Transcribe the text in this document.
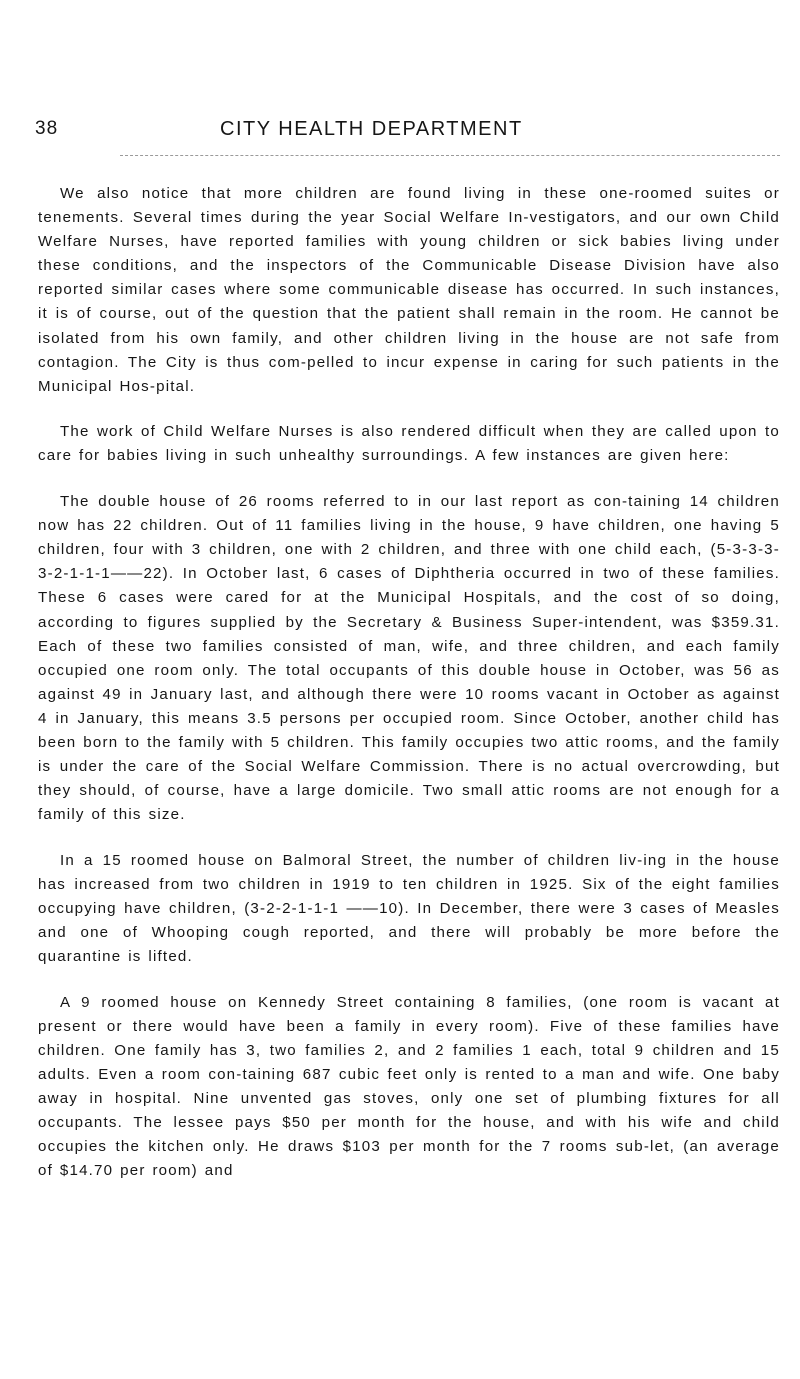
38	CITY HEALTH DEPARTMENT

We also notice that more children are found living in these one-roomed suites or tenements. Several times during the year Social Welfare In-vestigators, and our own Child Welfare Nurses, have reported families with young children or sick babies living under these conditions, and the inspectors of the Communicable Disease Division have also reported similar cases where some communicable disease has occurred. In such instances, it is of course, out of the question that the patient shall remain in the room. He cannot be isolated from his own family, and other children living in the house are not safe from contagion. The City is thus com-pelled to incur expense in caring for such patients in the Municipal Hos-pital.

The work of Child Welfare Nurses is also rendered difficult when they are called upon to care for babies living in such unhealthy surroundings. A few instances are given here:

The double house of 26 rooms referred to in our last report as con-taining 14 children now has 22 children. Out of 11 families living in the house, 9 have children, one having 5 children, four with 3 children, one with 2 children, and three with one child each, (5-3-3-3-3-2-1-1-1——22). In October last, 6 cases of Diphtheria occurred in two of these families. These 6 cases were cared for at the Municipal Hospitals, and the cost of so doing, according to figures supplied by the Secretary & Business Super-intendent, was $359.31. Each of these two families consisted of man, wife, and three children, and each family occupied one room only. The total occupants of this double house in October, was 56 as against 49 in January last, and although there were 10 rooms vacant in October as against 4 in January, this means 3.5 persons per occupied room. Since October, another child has been born to the family with 5 children. This family occupies two attic rooms, and the family is under the care of the Social Welfare Commission. There is no actual overcrowding, but they should, of course, have a large domicile. Two small attic rooms are not enough for a family of this size.

In a 15 roomed house on Balmoral Street, the number of children liv-ing in the house has increased from two children in 1919 to ten children in 1925. Six of the eight families occupying have children, (3-2-2-1-1-1 ——10). In December, there were 3 cases of Measles and one of Whooping cough reported, and there will probably be more before the quarantine is lifted.

A 9 roomed house on Kennedy Street containing 8 families, (one room is vacant at present or there would have been a family in every room). Five of these families have children. One family has 3, two families 2, and 2 families 1 each, total 9 children and 15 adults. Even a room con-taining 687 cubic feet only is rented to a man and wife. One baby away in hospital. Nine unvented gas stoves, only one set of plumbing fixtures for all occupants. The lessee pays $50 per month for the house, and with his wife and child occupies the kitchen only. He draws $103 per month for the 7 rooms sub-let, (an average of $14.70 per room) and
